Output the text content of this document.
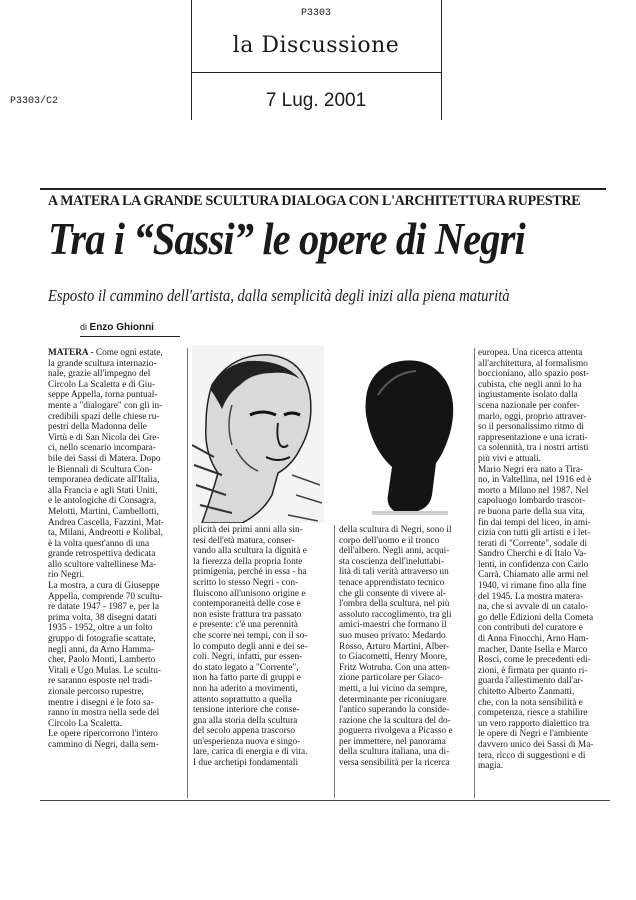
P3303
la Discussione
P3303/C2	7 Lug. 2001
A MATERA LA GRANDE SCULTURA DIALOGA CON L'ARCHITETTURA RUPESTRE
Tra i “Sassi” le opere di Negri
Esposto il cammino dell'artista, dalla semplicità degli inizi alla piena maturità
di Enzo Ghionni
MATERA - Come ogni estate,
la grande scultura internazio-
nale, grazie all'impegno del
Circolo La Scaletta e di Giu-
seppe Appella, torna puntual-
mente a "dialogare" con gli in-
credibili spazi delle chiese ru-
pestri della Madonna delle
Virtù e di San Nicola dei Gre-
ci, nello scenario incompara-
bile dei Sassi di Matera. Dopo
le Biennali di Scultura Con-
temporanea dedicate all'Italia,
alla Francia e agli Stati Uniti,
e le antologiche di Consagra,
Melotti, Martini, Cambellotti,
Andrea Cascella, Fazzini, Mat-
ta, Milani, Andreotti e Kolibal,
è la volta quest'anno di una
grande retrospettiva dedicata
allo scultore valtellinese Ma-
rio Negri.
La mostra, a cura di Giuseppe
Appella, comprende 70 scultu-
re datate 1947 - 1987 e, per la
prima volta, 38 disegni datati
1935 - 1952, oltre a un folto
gruppo di fotografie scattate,
negli anni, da Arno Hamma-
cher, Paolo Monti, Lamberto
Vitali e Ugo Mulas. Le scultu-
re saranno esposte nel tradi-
zionale percorso rupestre,
mentre i disegni e le foto sa-
ranno in mostra nella sede del
Circolo La Scaletta.
Le opere ripercorrono l'intero
cammino di Negri, dalla sem-
plicità dei primi anni alla sin-
tesi dell'età matura, conser-
vando alla scultura la dignità e
la fierezza della propria fonte
primigenia, perché in essa - ha
scritto lo stesso Negri - con-
fluiscono all'unisono origine e
contemporaneità delle cose e
non esiste frattura tra passato
e presente: c'è una perennità
che scorre nei tempi, con il so-
lo computo degli anni e dei se-
coli. Negri, infatti, pur essen-
do stato legato a "Corrente",
non ha fatto parte di gruppi e
non ha aderito a movimenti,
attento soprattutto a quella
tensione interiore che conse-
gna alla storia della scultura
del secolo appena trascorso
un'esperienza nuova e singo-
lare, carica di energia e di vita.
I due archetipi fondamentali
della scultura di Negri, sono il
corpo dell'uomo e il tronco
dell'albero. Negli anni, acqui-
sta coscienza dell'ineluttabi-
lità di tali verità attraverso un
tenace apprendistato tecnico
che gli consente di vivere al-
l'ombra della scultura, nel più
assoluto raccoglimento, tra gli
amici-maestri che formano il
suo museo privato: Medardo
Rosso, Arturo Martini, Alber-
to Giacometti, Henry Moore,
Fritz Wotruba. Con una atten-
zione particolare per Giaco-
metti, a lui vicino da sempre,
determinante per riconiugare
l'antico superando la conside-
razione che la scultura del do-
poguerra rivolgeva a Picasso e
per immettere, nel panorama
della scultura italiana, una di-
versa sensibilità per la ricerca
europea. Una ricerca attenta
all'architettura, al formalismo
boccioniano, allo spazio post-
cubista, che negli anni lo ha
ingiustamente isolato dalla
scena nazionale per confer-
marlo, oggi, proprio attraver-
so il personalissimo ritmo di
rappresentazione e una icrati-
ca solennità, tra i nostri artisti
più vivi e attuali.
Mario Negri era nato a Tira-
no, in Valtellina, nel 1916 ed è
morto a Milano nel 1987. Nel
capoluogo lombardo trascor-
re buona parte della sua vita,
fin dai tempi del liceo, in ami-
cizia con tutti gli artisti e i let-
terati di "Corrente", sodale di
Sandro Cherchi e di Italo Va-
lenti, in confidenza con Carlo
Carrà. Chiamato alle armi nel
1940, vi rimane fino alla fine
del 1945. La mostra matera-
na, che si avvale di un catalo-
go delle Edizioni della Cometa
con contributi del curatore e
di Anna Finocchi, Arno Ham-
macher, Dante Isella e Marco
Rosci, come le precedenti edi-
zioni, è firmata per quanto ri-
guarda l'allestimento dall'ar-
chitetto Alberto Zanmatti,
che, con la nota sensibilità e
competenza, riesce a stabilire
un vero rapporto dialettico tra
le opere di Negri e l'ambiente
davvero unico dei Sassi di Ma-
tera, ricco di suggestioni e di
magia.
